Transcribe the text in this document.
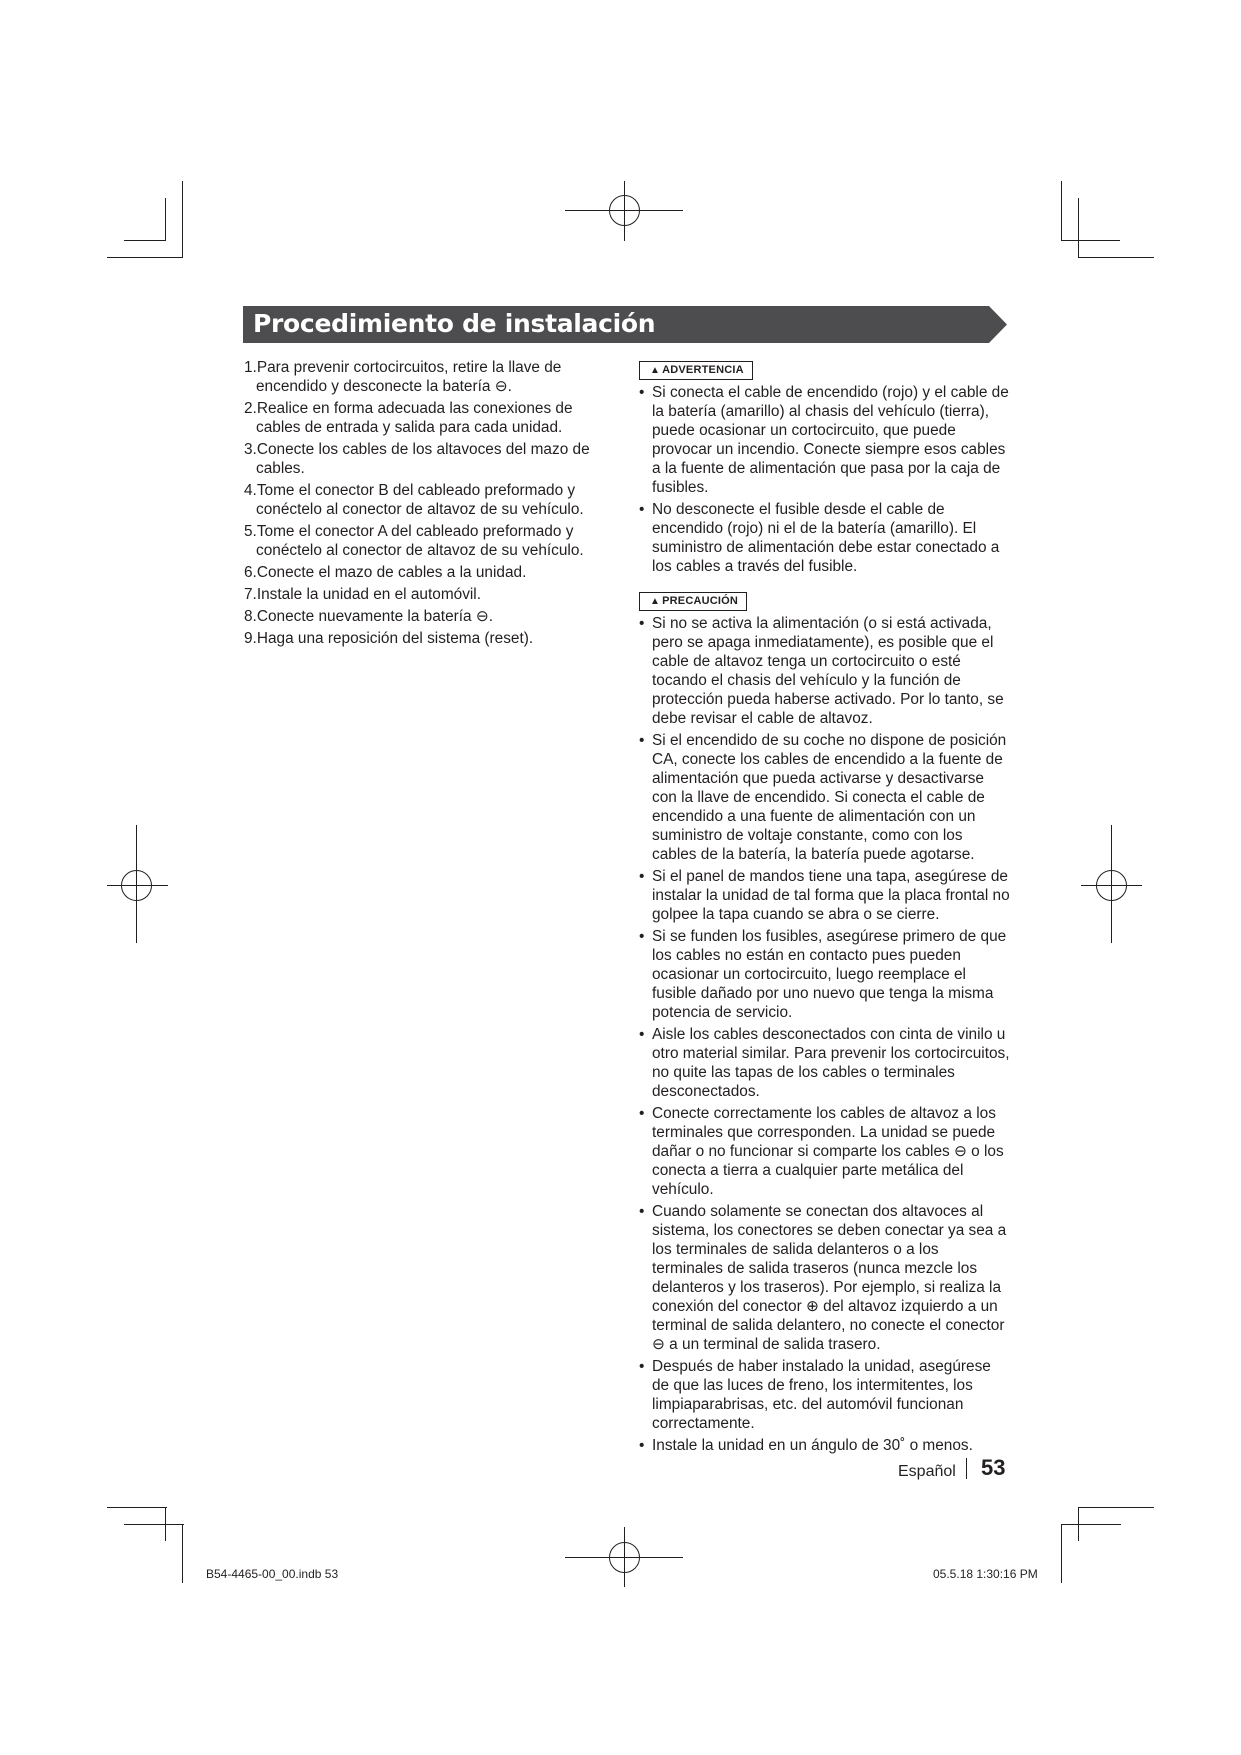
Procedimiento de instalación
1.Para prevenir cortocircuitos, retire la llave de encendido y desconecte la batería ⊖.
2.Realice en forma adecuada las conexiones de cables de entrada y salida para cada unidad.
3.Conecte los cables de los altavoces del mazo de cables.
4.Tome el conector B del cableado preformado y conéctelo al conector de altavoz de su vehículo.
5.Tome el conector A del cableado preformado y conéctelo al conector de altavoz de su vehículo.
6.Conecte el mazo de cables a la unidad.
7.Instale la unidad en el automóvil.
8.Conecte nuevamente la batería ⊖.
9.Haga una reposición del sistema (reset).
▲ ADVERTENCIA
• Si conecta el cable de encendido (rojo) y el cable de la batería (amarillo) al chasis del vehículo (tierra), puede ocasionar un cortocircuito, que puede provocar un incendio. Conecte siempre esos cables a la fuente de alimentación que pasa por la caja de fusibles.
• No desconecte el fusible desde el cable de encendido (rojo) ni el de la batería (amarillo). El suministro de alimentación debe estar conectado a los cables a través del fusible.
▲ PRECAUCIÓN
• Si no se activa la alimentación (o si está activada, pero se apaga inmediatamente), es posible que el cable de altavoz tenga un cortocircuito o esté tocando el chasis del vehículo y la función de protección pueda haberse activado. Por lo tanto, se debe revisar el cable de altavoz.
• Si el encendido de su coche no dispone de posición CA, conecte los cables de encendido a la fuente de alimentación que pueda activarse y desactivarse con la llave de encendido. Si conecta el cable de encendido a una fuente de alimentación con un suministro de voltaje constante, como con los cables de la batería, la batería puede agotarse.
• Si el panel de mandos tiene una tapa, asegúrese de instalar la unidad de tal forma que la placa frontal no golpee la tapa cuando se abra o se cierre.
• Si se funden los fusibles, asegúrese primero de que los cables no están en contacto pues pueden ocasionar un cortocircuito, luego reemplace el fusible dañado por uno nuevo que tenga la misma potencia de servicio.
• Aisle los cables desconectados con cinta de vinilo u otro material similar. Para prevenir los cortocircuitos, no quite las tapas de los cables o terminales desconectados.
• Conecte correctamente los cables de altavoz a los terminales que corresponden. La unidad se puede dañar o no funcionar si comparte los cables ⊖ o los conecta a tierra a cualquier parte metálica del vehículo.
• Cuando solamente se conectan dos altavoces al sistema, los conectores se deben conectar ya sea a los terminales de salida delanteros o a los terminales de salida traseros (nunca mezcle los delanteros y los traseros). Por ejemplo, si realiza la conexión del conector ⊕ del altavoz izquierdo a un terminal de salida delantero, no conecte el conector ⊖ a un terminal de salida trasero.
• Después de haber instalado la unidad, asegúrese de que las luces de freno, los intermitentes, los limpiaparabrisas, etc. del automóvil funcionan correctamente.
• Instale la unidad en un ángulo de 30˚ o menos.
Español 53
B54-4465-00_00.indb 53	05.5.18 1:30:16 PM
